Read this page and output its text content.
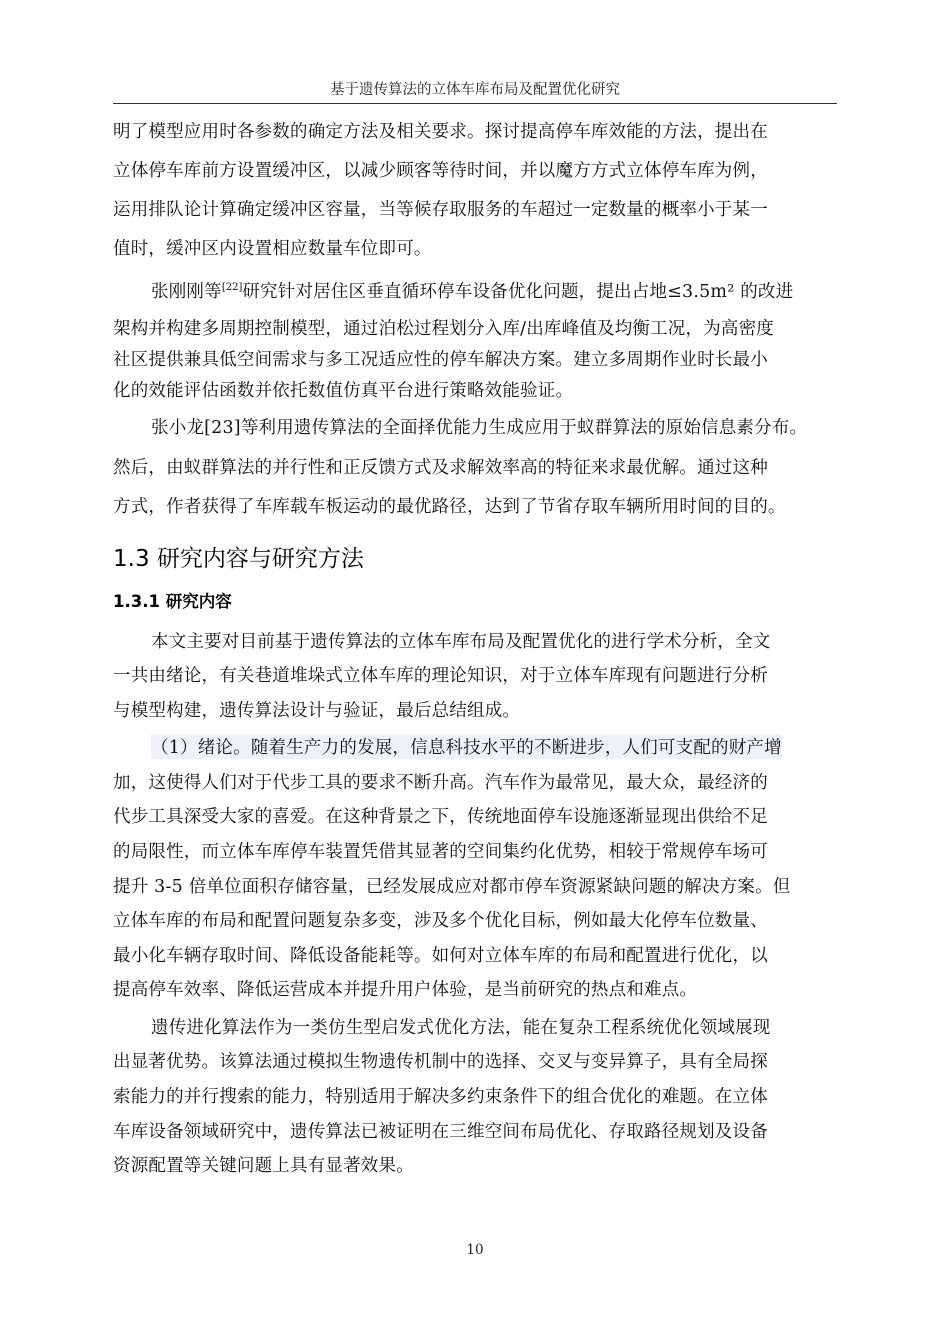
基于遗传算法的立体车库布局及配置优化研究
明了模型应用时各参数的确定方法及相关要求。探讨提高停车库效能的方法，提出在
立体停车库前方设置缓冲区，以减少顾客等待时间，并以魔方方式立体停车库为例，
运用排队论计算确定缓冲区容量，当等候存取服务的车超过一定数量的概率小于某一
值时，缓冲区内设置相应数量车位即可。
张刚刚等[22]研究针对居住区垂直循环停车设备优化问题，提出占地≤3.5m² 的改进
架构并构建多周期控制模型，通过泊松过程划分入库/出库峰值及均衡工况，为高密度
社区提供兼具低空间需求与多工况适应性的停车解决方案。建立多周期作业时长最小
化的效能评估函数并依托数值仿真平台进行策略效能验证。
张小龙[23]等利用遗传算法的全面择优能力生成应用于蚁群算法的原始信息素分布。
然后，由蚁群算法的并行性和正反馈方式及求解效率高的特征来求最优解。通过这种
方式，作者获得了车库载车板运动的最优路径，达到了节省存取车辆所用时间的目的。
1.3 研究内容与研究方法
1.3.1 研究内容
本文主要对目前基于遗传算法的立体车库布局及配置优化的进行学术分析，全文
一共由绪论，有关巷道堆垛式立体车库的理论知识，对于立体车库现有问题进行分析
与模型构建，遗传算法设计与验证，最后总结组成。
（1）绪论。随着生产力的发展，信息科技水平的不断进步，人们可支配的财产增
加，这使得人们对于代步工具的要求不断升高。汽车作为最常见，最大众，最经济的
代步工具深受大家的喜爱。在这种背景之下，传统地面停车设施逐渐显现出供给不足
的局限性，而立体车库停车装置凭借其显著的空间集约化优势，相较于常规停车场可
提升 3-5 倍单位面积存储容量，已经发展成应对都市停车资源紧缺问题的解决方案。但
立体车库的布局和配置问题复杂多变，涉及多个优化目标，例如最大化停车位数量、
最小化车辆存取时间、降低设备能耗等。如何对立体车库的布局和配置进行优化，以
提高停车效率、降低运营成本并提升用户体验，是当前研究的热点和难点。
遗传进化算法作为一类仿生型启发式优化方法，能在复杂工程系统优化领域展现
出显著优势。该算法通过模拟生物遗传机制中的选择、交叉与变异算子，具有全局探
索能力的并行搜索的能力，特别适用于解决多约束条件下的组合优化的难题。在立体
车库设备领域研究中，遗传算法已被证明在三维空间布局优化、存取路径规划及设备
资源配置等关键问题上具有显著效果。
10
